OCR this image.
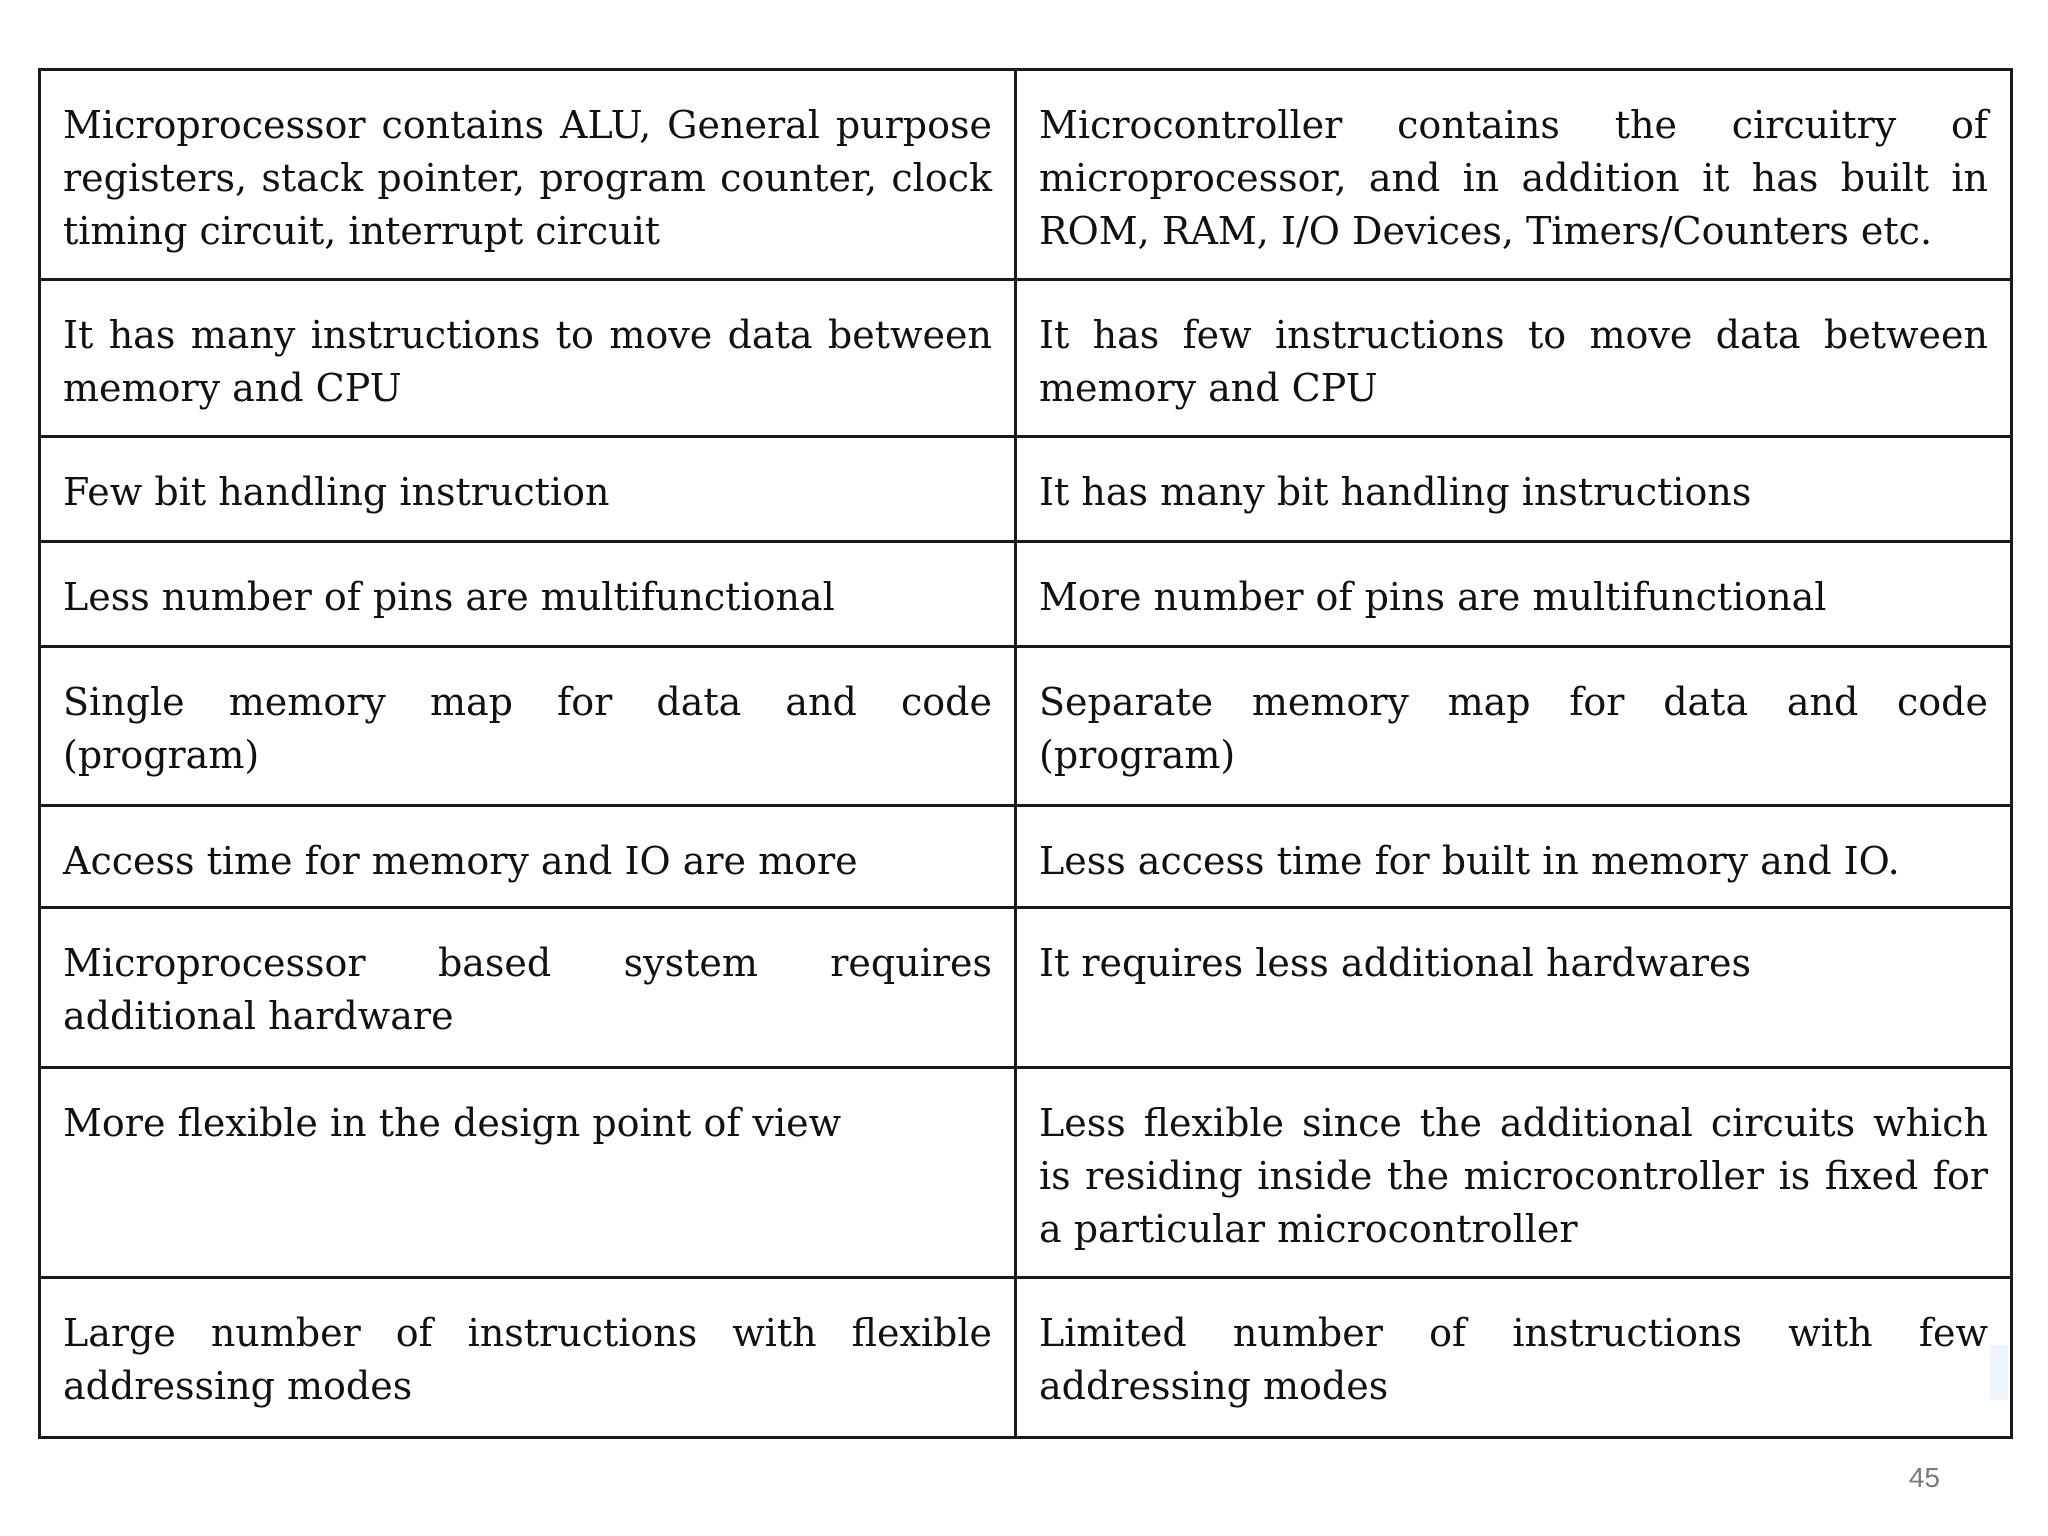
Microprocessor contains ALU, General purpose registers, stack pointer, program counter, clock timing circuit, interrupt circuit	Microcontroller contains the circuitry of microprocessor, and in addition it has built in ROM, RAM, I/O Devices, Timers/Counters etc.
It has many instructions to move data between memory and CPU	It has few instructions to move data between memory and CPU
Few bit handling instruction	It has many bit handling instructions
Less number of pins are multifunctional	More number of pins are multifunctional
Single memory map for data and code (program)	Separate memory map for data and code (program)
Access time for memory and IO are more	Less access time for built in memory and IO.
Microprocessor based system requires additional hardware	It requires less additional hardwares
More flexible in the design point of view	Less flexible since the additional circuits which is residing inside the microcontroller is fixed for a particular microcontroller
Large number of instructions with flexible addressing modes	Limited number of instructions with few addressing modes
45
